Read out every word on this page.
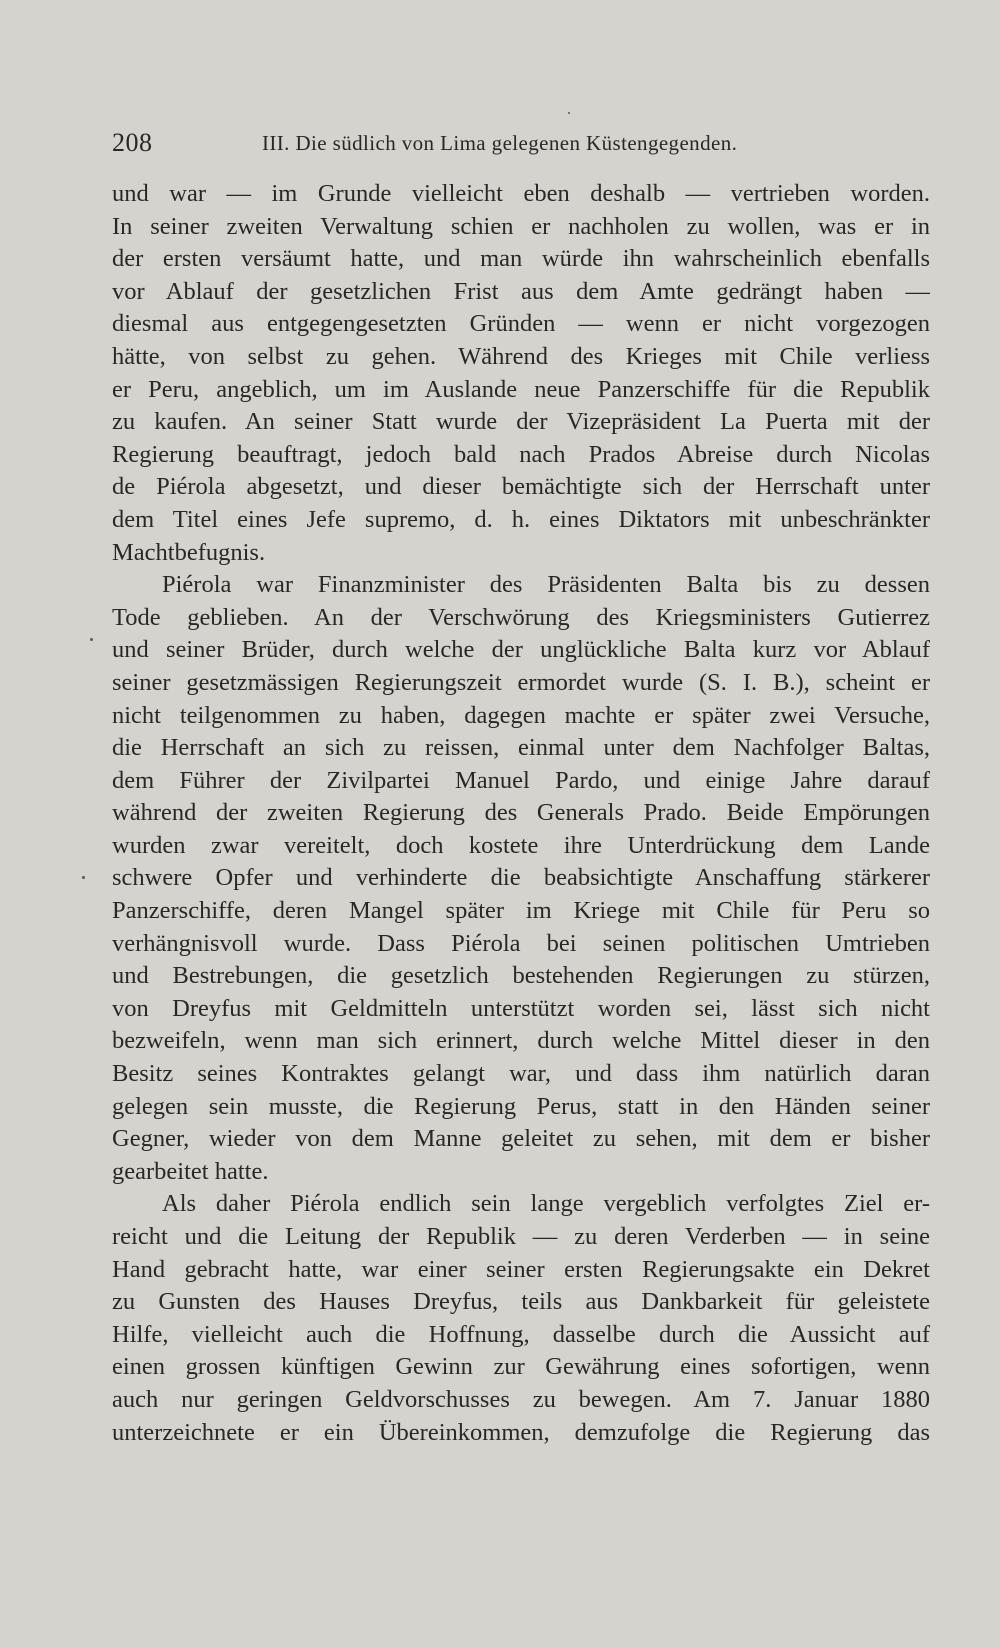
208	III. Die südlich von Lima gelegenen Küstengegenden.
und war — im Grunde vielleicht eben deshalb — vertrieben worden.
In seiner zweiten Verwaltung schien er nachholen zu wollen, was er in
der ersten versäumt hatte, und man würde ihn wahrscheinlich ebenfalls
vor Ablauf der gesetzlichen Frist aus dem Amte gedrängt haben —
diesmal aus entgegengesetzten Gründen — wenn er nicht vorgezogen
hätte, von selbst zu gehen. Während des Krieges mit Chile verliess
er Peru, angeblich, um im Auslande neue Panzerschiffe für die Republik
zu kaufen. An seiner Statt wurde der Vizepräsident La Puerta mit der
Regierung beauftragt, jedoch bald nach Prados Abreise durch Nicolas
de Piérola abgesetzt, und dieser bemächtigte sich der Herrschaft unter
dem Titel eines Jefe supremo, d. h. eines Diktators mit unbeschränkter
Machtbefugnis.
Piérola war Finanzminister des Präsidenten Balta bis zu dessen
Tode geblieben. An der Verschwörung des Kriegsministers Gutierrez
und seiner Brüder, durch welche der unglückliche Balta kurz vor Ablauf
seiner gesetzmässigen Regierungszeit ermordet wurde (S. I. B.), scheint er
nicht teilgenommen zu haben, dagegen machte er später zwei Versuche,
die Herrschaft an sich zu reissen, einmal unter dem Nachfolger Baltas,
dem Führer der Zivilpartei Manuel Pardo, und einige Jahre darauf
während der zweiten Regierung des Generals Prado. Beide Empörungen
wurden zwar vereitelt, doch kostete ihre Unterdrückung dem Lande
schwere Opfer und verhinderte die beabsichtigte Anschaffung stärkerer
Panzerschiffe, deren Mangel später im Kriege mit Chile für Peru so
verhängnisvoll wurde. Dass Piérola bei seinen politischen Umtrieben
und Bestrebungen, die gesetzlich bestehenden Regierungen zu stürzen,
von Dreyfus mit Geldmitteln unterstützt worden sei, lässt sich nicht
bezweifeln, wenn man sich erinnert, durch welche Mittel dieser in den
Besitz seines Kontraktes gelangt war, und dass ihm natürlich daran
gelegen sein musste, die Regierung Perus, statt in den Händen seiner
Gegner, wieder von dem Manne geleitet zu sehen, mit dem er bisher
gearbeitet hatte.
Als daher Piérola endlich sein lange vergeblich verfolgtes Ziel er-
reicht und die Leitung der Republik — zu deren Verderben — in seine
Hand gebracht hatte, war einer seiner ersten Regierungsakte ein Dekret
zu Gunsten des Hauses Dreyfus, teils aus Dankbarkeit für geleistete
Hilfe, vielleicht auch die Hoffnung, dasselbe durch die Aussicht auf
einen grossen künftigen Gewinn zur Gewährung eines sofortigen, wenn
auch nur geringen Geldvorschusses zu bewegen. Am 7. Januar 1880
unterzeichnete er ein Übereinkommen, demzufolge die Regierung das
